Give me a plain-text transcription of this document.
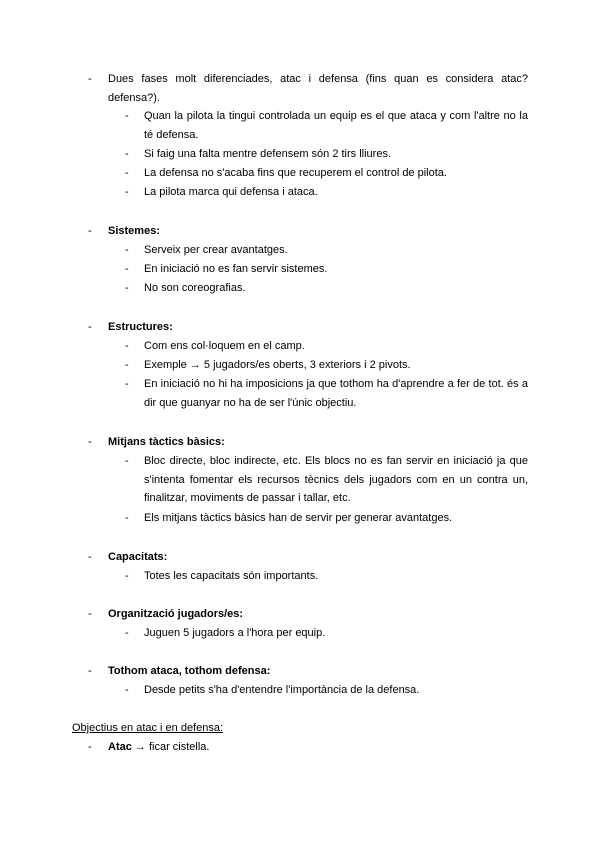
- Dues fases molt diferenciades, atac i defensa (fins quan es considera atac? defensa?).
- Quan la pilota la tingui controlada un equip es el que ataca y com l'altre no la té defensa.
- Si faig una falta mentre defensem són 2 tirs lliures.
- La defensa no s'acaba fins que recuperem el control de pilota.
- La pilota marca qui defensa i ataca.
- Sistemes:
- Serveix per crear avantatges.
- En iniciació no es fan servir sistemes.
- No son coreografias.
- Estructures:
- Com ens col·loquem en el camp.
- Exemple → 5 jugadors/es oberts, 3 exteriors i 2 pivots.
- En iniciació no hi ha imposicions ja que tothom ha d'aprendre a fer de tot. és a dir que guanyar no ha de ser l'únic objectiu.
- Mitjans tàctics bàsics:
- Bloc directe, bloc indirecte, etc. Els blocs no es fan servir en iniciació ja que s'intenta fomentar els recursos tècnics dels jugadors com en un contra un, finalitzar, moviments de passar i tallar, etc.
- Els mitjans tàctics bàsics han de servir per generar avantatges.
- Capacitats:
- Totes les capacitats són importants.
- Organització jugadors/es:
- Juguen 5 jugadors a l'hora per equip.
- Tothom ataca, tothom defensa:
- Desde petits s'ha d'entendre l'importància de la defensa.
Objectius en atac i en defensa:
- Atac → ficar cistella.
